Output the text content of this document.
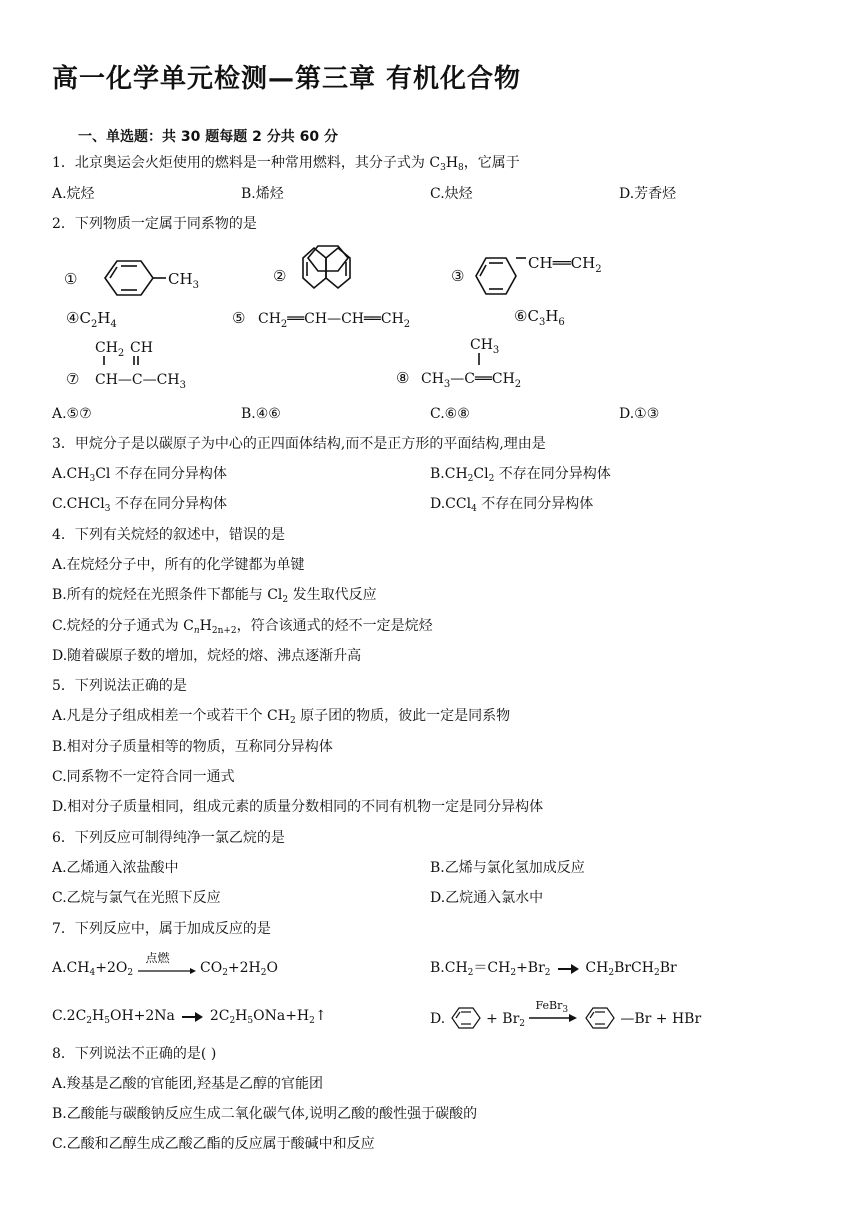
高一化学单元检测—第三章 有机化合物
一、单选题：共 30 题每题 2 分共 60 分
1．北京奥运会火炬使用的燃料是一种常用燃料，其分子式为 $C_3H_8$，它属于
A.烷烃	B.烯烃	C.炔烃	D.芳香烃
2．下列物质一定属于同系物的是
①	$CH_3$
②	③
$CH══CH_2$
$④C_2H_4$	⑤ $CH_2══CH—CH══CH_2$	$⑥C_3H_6$
$CH_2$ CH
⑦ $CH—C—CH_3$
$CH_3$
⑧ $CH_3—C══CH_2$
A.⑤⑦	B.④⑥	C.⑥⑧	D.①③
3．甲烷分子是以碳原子为中心的正四面体结构,而不是正方形的平面结构,理由是
$A.CH_3Cl$ 不存在同分异构体	$B.CH_2Cl_2$ 不存在同分异构体
C.CHCl$_3$ 不存在同分异构体	D.CCl$_4$ 不存在同分异构体
4．下列有关烷烃的叙述中，错误的是
A.在烷烃分子中，所有的化学键都为单键
B.所有的烷烃在光照条件下都能与 $Cl_2$ 发生取代反应
C.烷烃的分子通式为 $C_nH_{2n+2}$，符合该通式的烃不一定是烷烃
D.随着碳原子数的增加，烷烃的熔、沸点逐渐升高
5．下列说法正确的是
A.凡是分子组成相差一个或若干个 $CH_2$ 原子团的物质，彼此一定是同系物
B.相对分子质量相等的物质，互称同分异构体
C.同系物不一定符合同一通式
D.相对分子质量相同，组成元素的质量分数相同的不同有机物一定是同分异构体
6．下列反应可制得纯净一氯乙烷的是
A.乙烯通入浓盐酸中	B.乙烯与氯化氢加成反应
C.乙烷与氯气在光照下反应	D.乙烷通入氯水中
7．下列反应中，属于加成反应的是
$A.CH_4+2O_2$
点燃
$CO_2+2H_2O$	$B.CH_2=CH_2+Br_2$ → $CH_2BrCH_2Br$
$C.2C_2H_5OH+2Na$ → $2C_2H_5ONa+H_2↑$	D.	+ $Br_2$
FeBr$_3$
—Br + HBr
8．下列说法不正确的是( )
A.羧基是乙酸的官能团,羟基是乙醇的官能团
B.乙酸能与碳酸钠反应生成二氧化碳气体,说明乙酸的酸性强于碳酸的
C.乙酸和乙醇生成乙酸乙酯的反应属于酸碱中和反应
